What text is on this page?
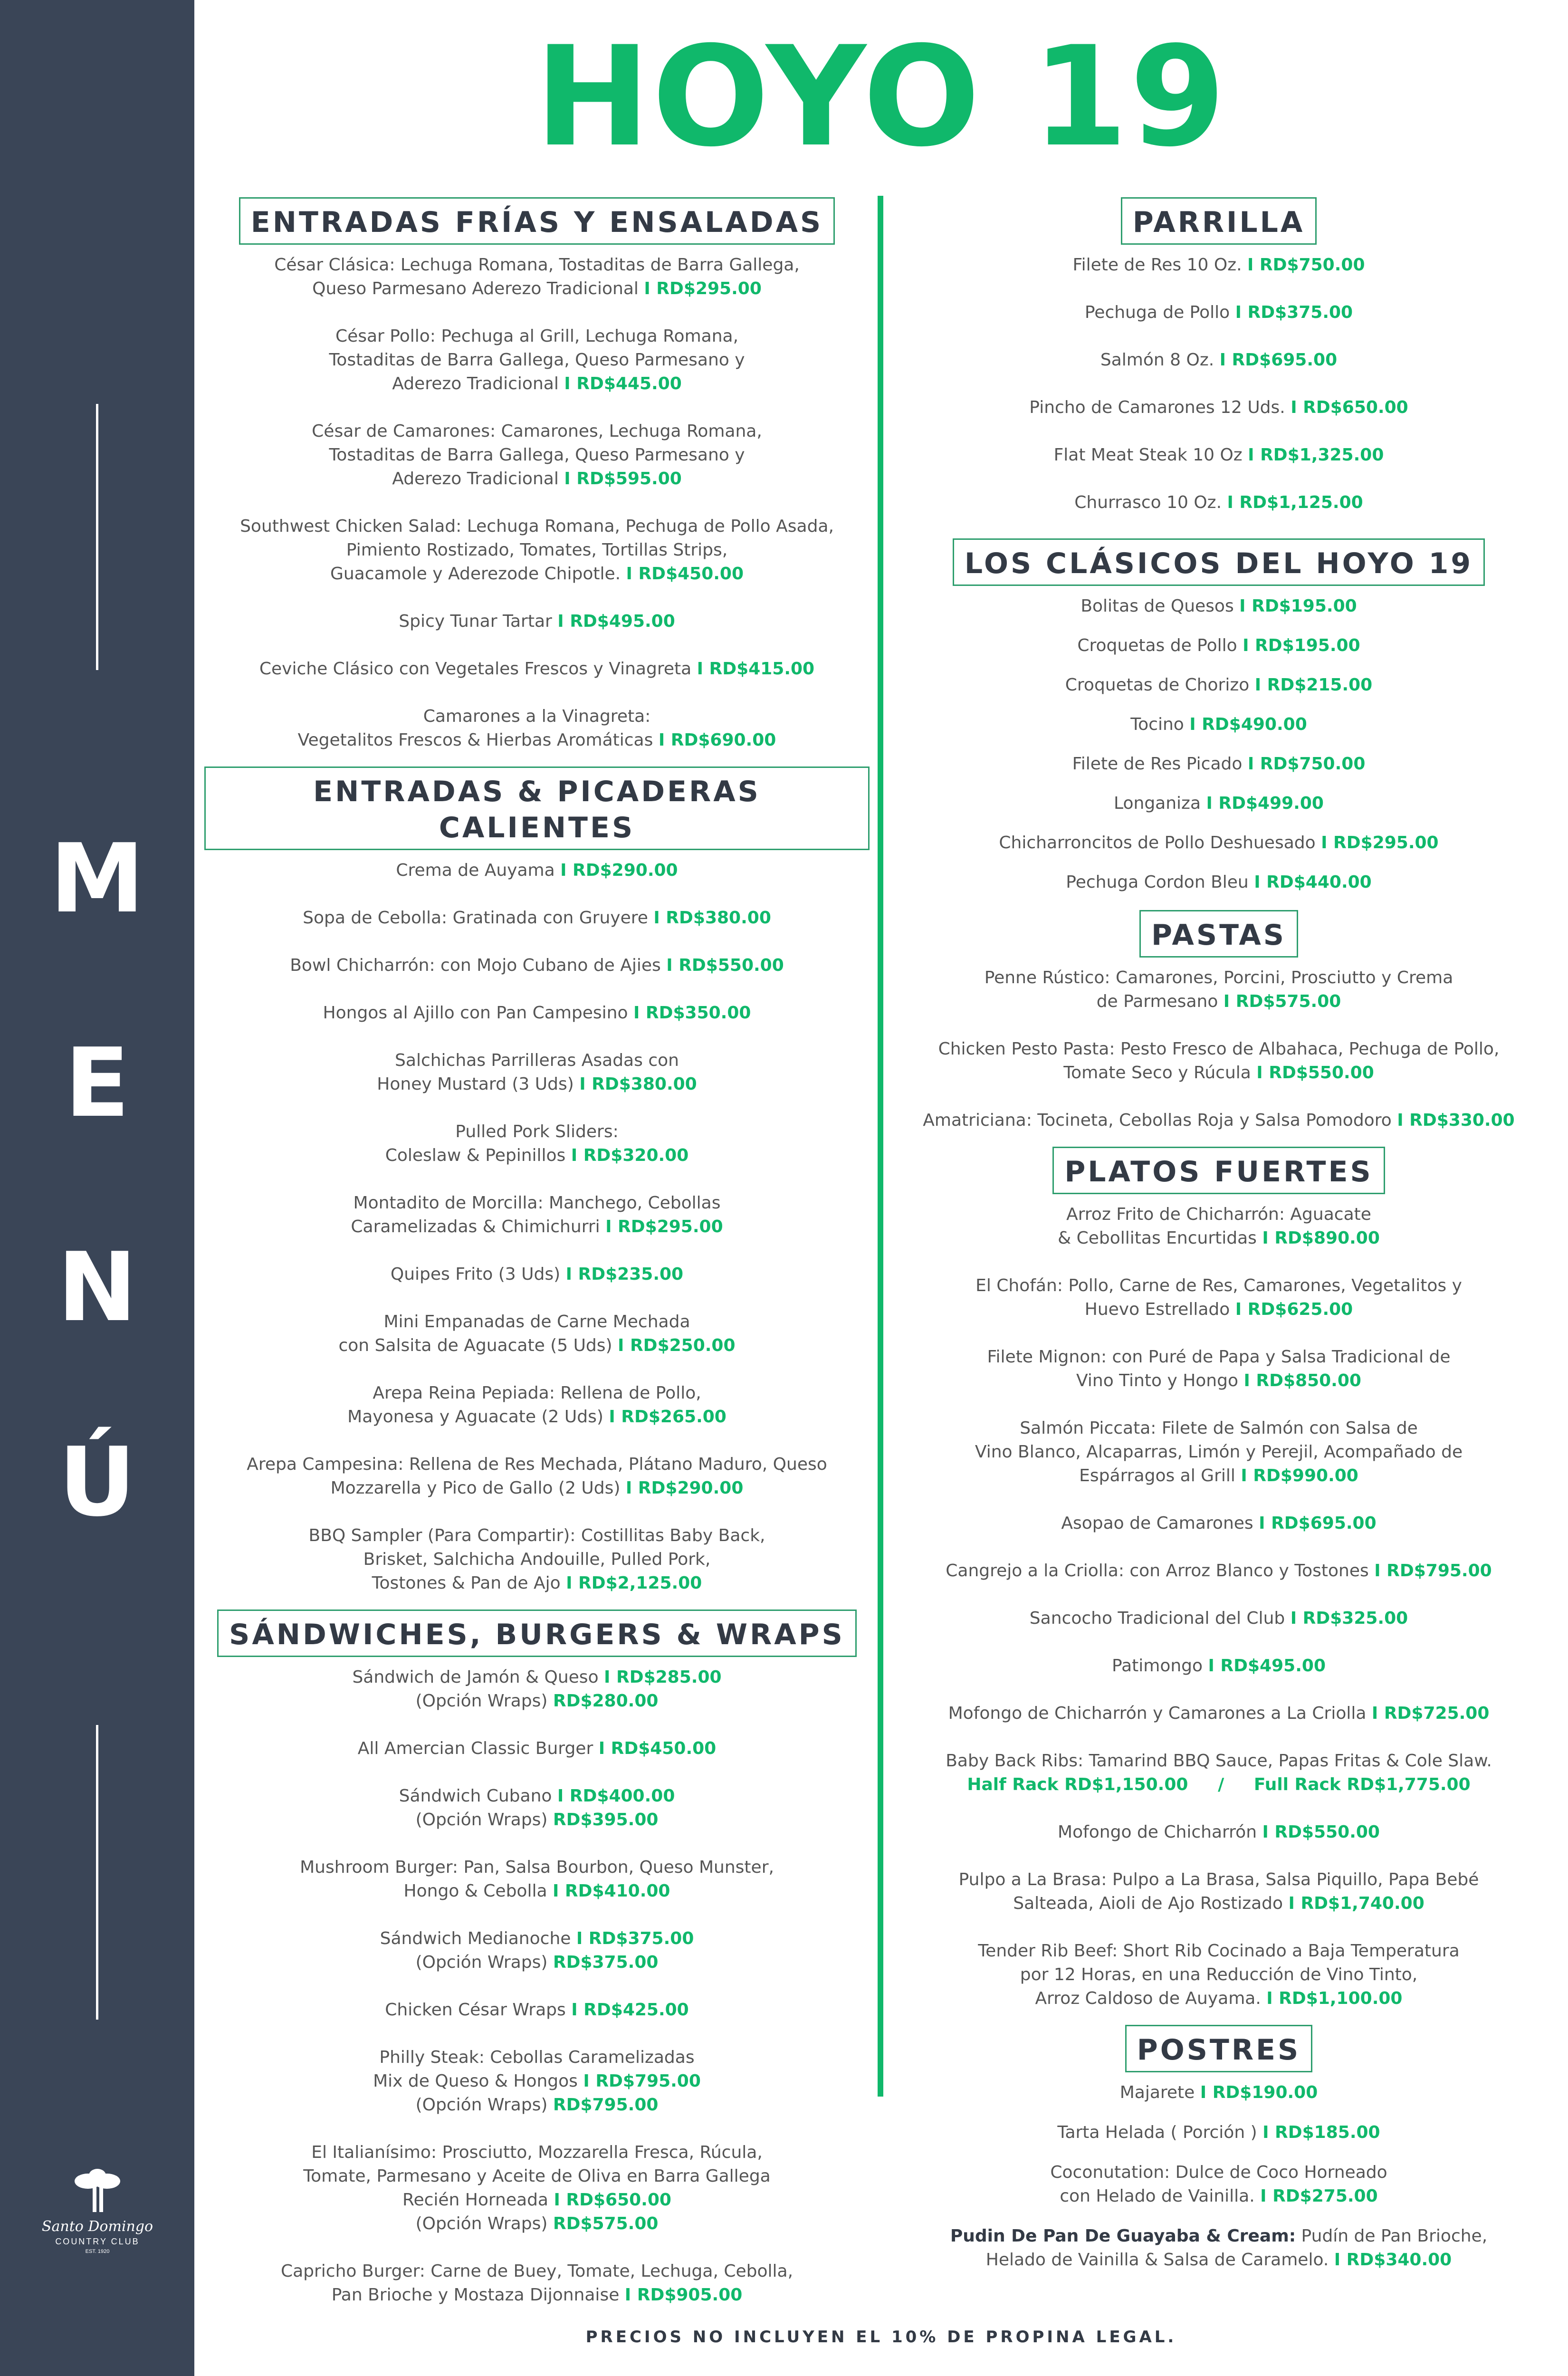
M
E
N
Ú
Santo Domingo
COUNTRY CLUB
EST. 1920
HOYO 19
ENTRADAS FRÍAS Y ENSALADAS
César Clásica: Lechuga Romana, Tostaditas de Barra Gallega,
Queso Parmesano Aderezo Tradicional I RD$295.00
César Pollo: Pechuga al Grill, Lechuga Romana,
Tostaditas de Barra Gallega, Queso Parmesano y
Aderezo Tradicional I RD$445.00
César de Camarones: Camarones, Lechuga Romana,
Tostaditas de Barra Gallega, Queso Parmesano y
Aderezo Tradicional I RD$595.00
Southwest Chicken Salad: Lechuga Romana, Pechuga de Pollo Asada,
Pimiento Rostizado, Tomates, Tortillas Strips,
Guacamole y Aderezode Chipotle. I RD$450.00
Spicy Tunar Tartar I RD$495.00
Ceviche Clásico con Vegetales Frescos y Vinagreta I RD$415.00
Camarones a la Vinagreta:
Vegetalitos Frescos & Hierbas Aromáticas I RD$690.00
ENTRADAS & PICADERAS CALIENTES
Crema de Auyama I RD$290.00
Sopa de Cebolla: Gratinada con Gruyere I RD$380.00
Bowl Chicharrón: con Mojo Cubano de Ajies I RD$550.00
Hongos al Ajillo con Pan Campesino I RD$350.00
Salchichas Parrilleras Asadas con
Honey Mustard (3 Uds) I RD$380.00
Pulled Pork Sliders:
Coleslaw & Pepinillos I RD$320.00
Montadito de Morcilla: Manchego, Cebollas
Caramelizadas & Chimichurri I RD$295.00
Quipes Frito (3 Uds) I RD$235.00
Mini Empanadas de Carne Mechada
con Salsita de Aguacate (5 Uds) I RD$250.00
Arepa Reina Pepiada: Rellena de Pollo,
Mayonesa y Aguacate (2 Uds) I RD$265.00
Arepa Campesina: Rellena de Res Mechada, Plátano Maduro, Queso
Mozzarella y Pico de Gallo (2 Uds) I RD$290.00
BBQ Sampler (Para Compartir): Costillitas Baby Back,
Brisket, Salchicha Andouille, Pulled Pork,
Tostones & Pan de Ajo I RD$2,125.00
SÁNDWICHES, BURGERS & WRAPS
Sándwich de Jamón & Queso I RD$285.00
(Opción Wraps) RD$280.00
All Amercian Classic Burger I RD$450.00
Sándwich Cubano I RD$400.00
(Opción Wraps) RD$395.00
Mushroom Burger: Pan, Salsa Bourbon, Queso Munster,
Hongo & Cebolla I RD$410.00
Sándwich Medianoche I RD$375.00
(Opción Wraps) RD$375.00
Chicken César Wraps I RD$425.00
Philly Steak: Cebollas Caramelizadas
Mix de Queso & Hongos I RD$795.00
(Opción Wraps) RD$795.00
El Italianísimo: Prosciutto, Mozzarella Fresca, Rúcula,
Tomate, Parmesano y Aceite de Oliva en Barra Gallega
Recién Horneada I RD$650.00
(Opción Wraps) RD$575.00
Capricho Burger: Carne de Buey, Tomate, Lechuga, Cebolla,
Pan Brioche y Mostaza Dijonnaise I RD$905.00
PARRILLA
Filete de Res 10 Oz. I RD$750.00
Pechuga de Pollo I RD$375.00
Salmón 8 Oz. I RD$695.00
Pincho de Camarones 12 Uds. I RD$650.00
Flat Meat Steak 10 Oz I RD$1,325.00
Churrasco 10 Oz. I RD$1,125.00
LOS CLÁSICOS DEL HOYO 19
Bolitas de Quesos I RD$195.00
Croquetas de Pollo I RD$195.00
Croquetas de Chorizo I RD$215.00
Tocino I RD$490.00
Filete de Res Picado I RD$750.00
Longaniza I RD$499.00
Chicharroncitos de Pollo Deshuesado I RD$295.00
Pechuga Cordon Bleu I RD$440.00
PASTAS
Penne Rústico: Camarones, Porcini, Prosciutto y Crema
de Parmesano I RD$575.00
Chicken Pesto Pasta: Pesto Fresco de Albahaca, Pechuga de Pollo,
Tomate Seco y Rúcula I RD$550.00
Amatriciana: Tocineta, Cebollas Roja y Salsa Pomodoro I RD$330.00
PLATOS FUERTES
Arroz Frito de Chicharrón: Aguacate
& Cebollitas Encurtidas I RD$890.00
El Chofán: Pollo, Carne de Res, Camarones, Vegetalitos y
Huevo Estrellado I RD$625.00
Filete Mignon: con Puré de Papa y Salsa Tradicional de
Vino Tinto y Hongo I RD$850.00
Salmón Piccata: Filete de Salmón con Salsa de
Vino Blanco, Alcaparras, Limón y Perejil, Acompañado de
Espárragos al Grill I RD$990.00
Asopao de Camarones I RD$695.00
Cangrejo a la Criolla: con Arroz Blanco y Tostones I RD$795.00
Sancocho Tradicional del Club I RD$325.00
Patimongo I RD$495.00
Mofongo de Chicharrón y Camarones a La Criolla I RD$725.00
Baby Back Ribs: Tamarind BBQ Sauce, Papas Fritas & Cole Slaw.
Half Rack RD$1,150.00     /     Full Rack RD$1,775.00
Mofongo de Chicharrón I RD$550.00
Pulpo a La Brasa: Pulpo a La Brasa, Salsa Piquillo, Papa Bebé
Salteada, Aioli de Ajo Rostizado I RD$1,740.00
Tender Rib Beef: Short Rib Cocinado a Baja Temperatura
por 12 Horas, en una Reducción de Vino Tinto,
Arroz Caldoso de Auyama. I RD$1,100.00
POSTRES
Majarete I RD$190.00
Tarta Helada ( Porción ) I RD$185.00
Coconutation: Dulce de Coco Horneado
con Helado de Vainilla. I RD$275.00
Pudin De Pan De Guayaba & Cream: Pudín de Pan Brioche,
Helado de Vainilla & Salsa de Caramelo. I RD$340.00
PRECIOS NO INCLUYEN EL 10% DE PROPINA LEGAL.
